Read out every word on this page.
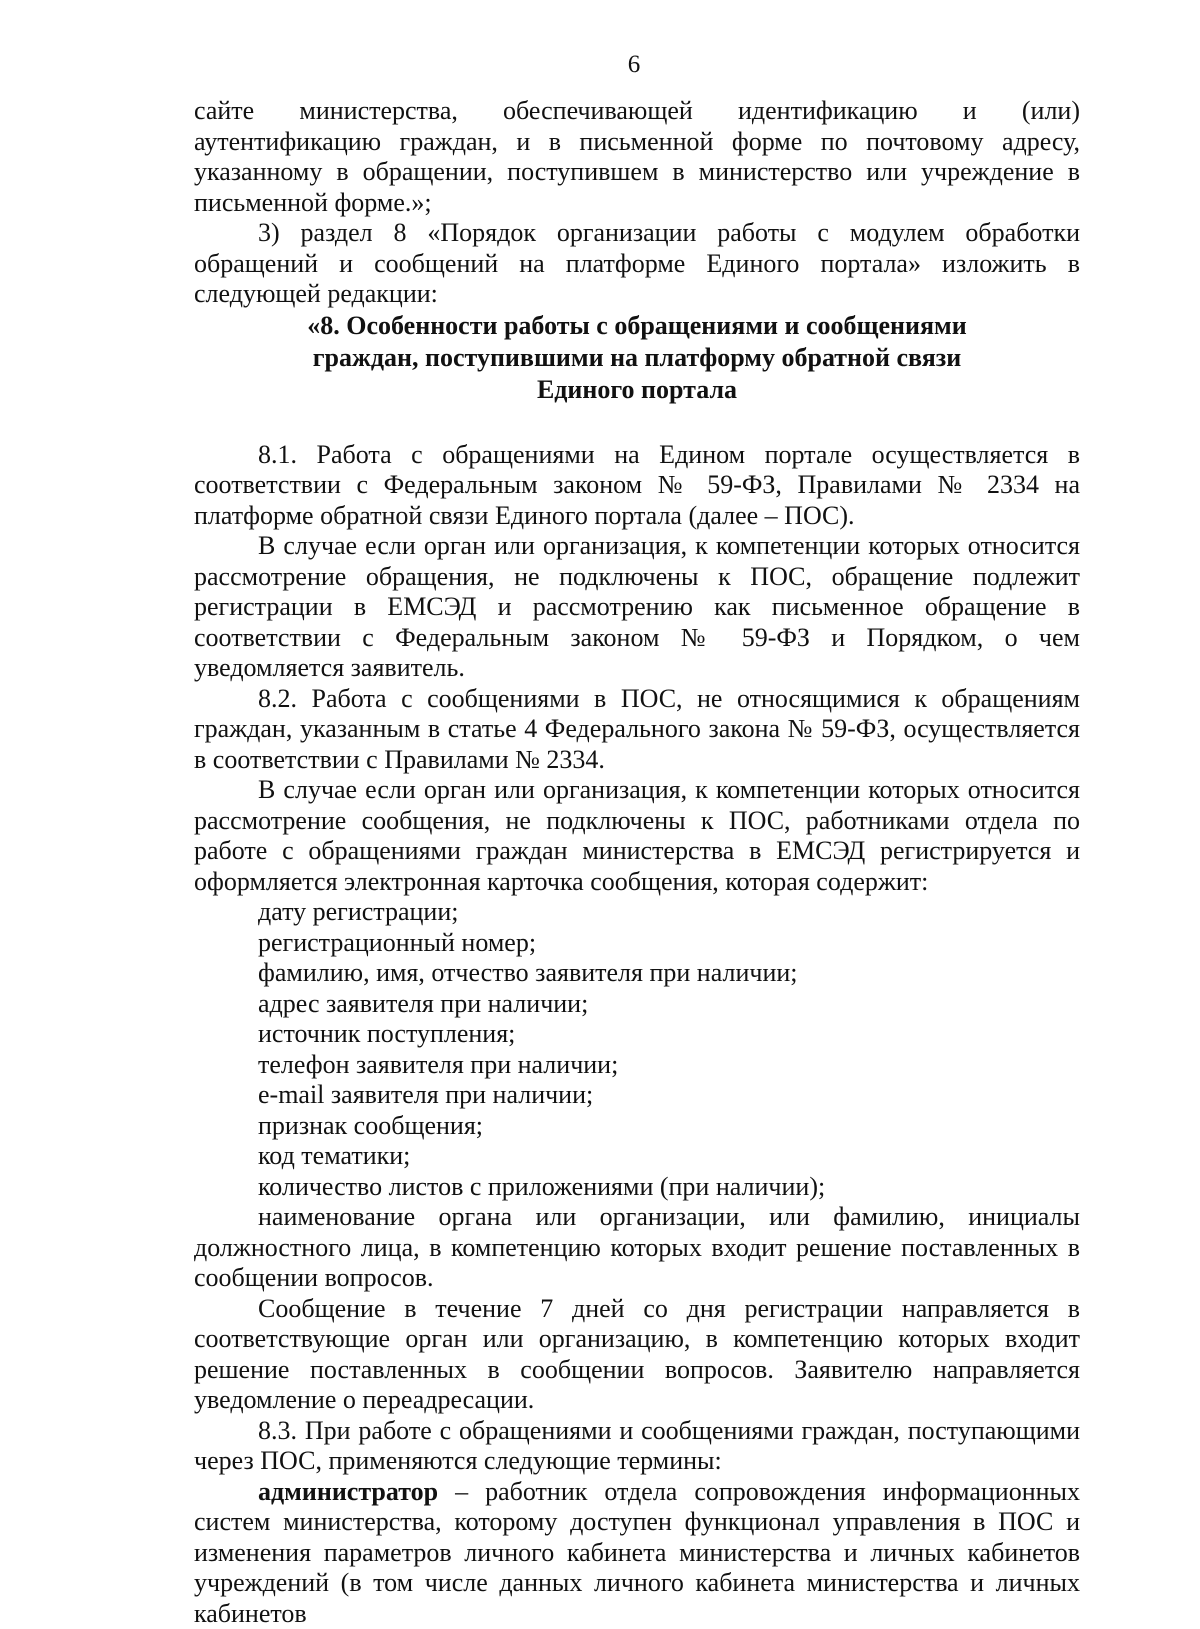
6

сайте министерства, обеспечивающей идентификацию и (или) аутентификацию граждан, и в письменной форме по почтовому адресу, указанному в обращении, поступившем в министерство или учреждение в письменной форме.»;

3) раздел 8 «Порядок организации работы с модулем обработки обращений и сообщений на платформе Единого портала» изложить в следующей редакции:

«8. Особенности работы с обращениями и сообщениями

граждан, поступившими на платформу обратной связи

Единого портала

8.1. Работа с обращениями на Едином портале осуществляется в соответствии с Федеральным законом № 59-ФЗ, Правилами № 2334 на платформе обратной связи Единого портала (далее – ПОС).

В случае если орган или организация, к компетенции которых относится рассмотрение обращения, не подключены к ПОС, обращение подлежит регистрации в ЕМСЭД и рассмотрению как письменное обращение в соответствии с Федеральным законом № 59-ФЗ и Порядком, о чем уведомляется заявитель.

8.2. Работа с сообщениями в ПОС, не относящимися к обращениям граждан, указанным в статье 4 Федерального закона № 59-ФЗ, осуществляется в соответствии с Правилами № 2334.

В случае если орган или организация, к компетенции которых относится рассмотрение сообщения, не подключены к ПОС, работниками отдела по работе с обращениями граждан министерства в ЕМСЭД регистрируется и оформляется электронная карточка сообщения, которая содержит:

дату регистрации;

регистрационный номер;

фамилию, имя, отчество заявителя при наличии;

адрес заявителя при наличии;

источник поступления;

телефон заявителя при наличии;

e-mail заявителя при наличии;

признак сообщения;

код тематики;

количество листов с приложениями (при наличии);

наименование органа или организации, или фамилию, инициалы должностного лица, в компетенцию которых входит решение поставленных в сообщении вопросов.

Сообщение в течение 7 дней со дня регистрации направляется в соответствующие орган или организацию, в компетенцию которых входит решение поставленных в сообщении вопросов. Заявителю направляется уведомление о переадресации.

8.3. При работе с обращениями и сообщениями граждан, поступающими через ПОС, применяются следующие термины:

администратор – работник отдела сопровождения информационных систем министерства, которому доступен функционал управления в ПОС и изменения параметров личного кабинета министерства и личных кабинетов учреждений (в том числе данных личного кабинета министерства и личных кабинетов
